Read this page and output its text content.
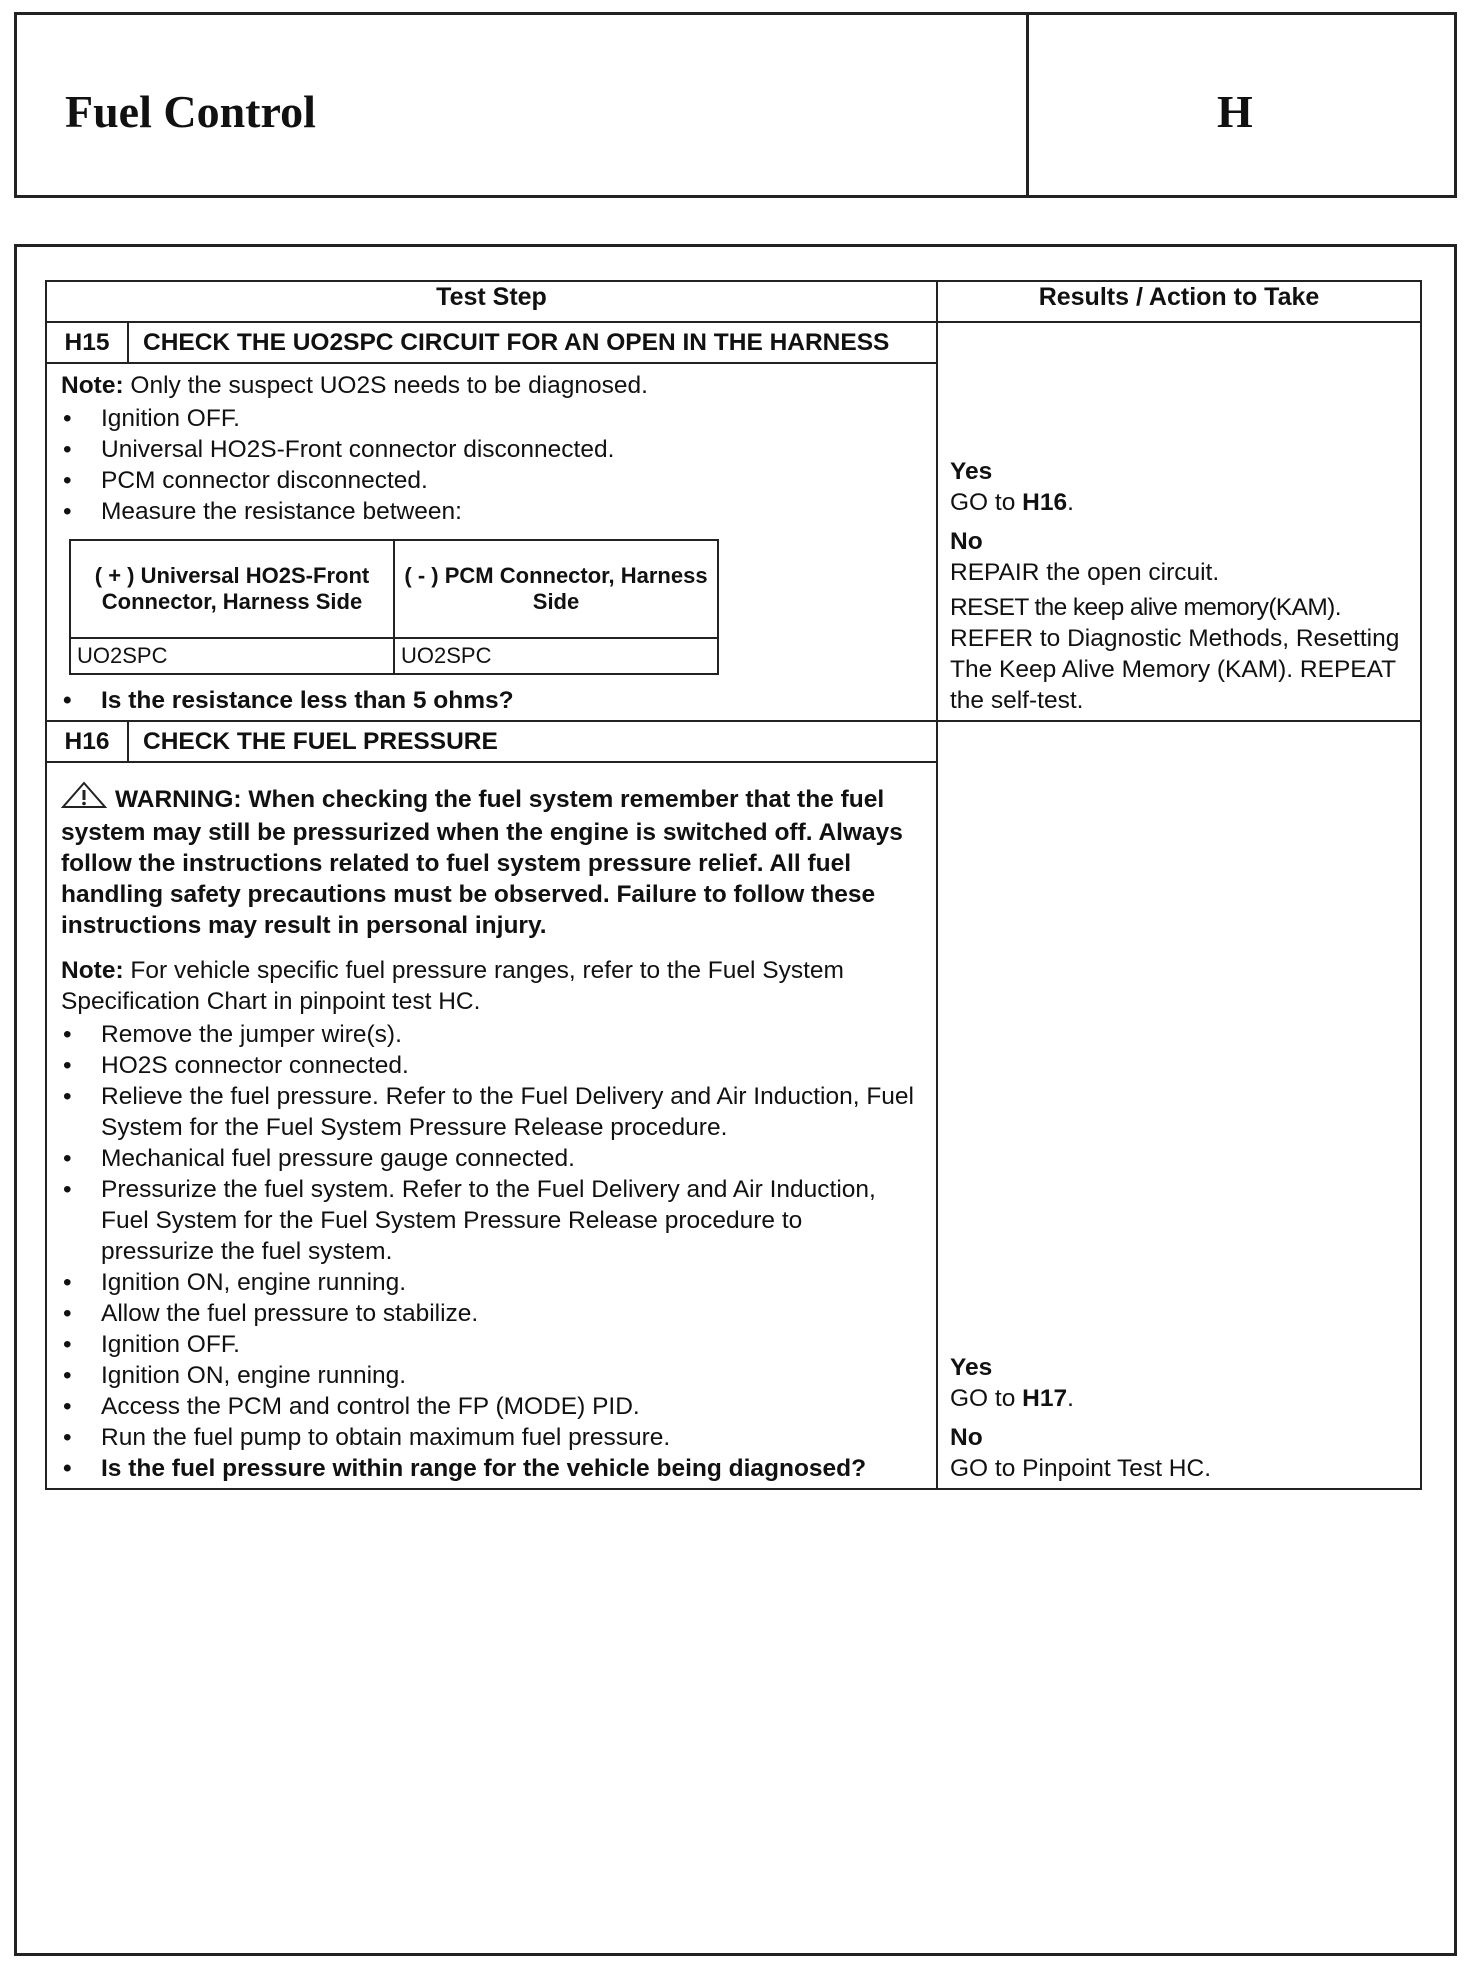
Fuel Control	H
Test Step	Results / Action to Take
H15	CHECK THE UO2SPC CIRCUIT FOR AN OPEN IN THE HARNESS	

Yes

GO to H16.

No

REPAIR the open circuit.

RESET the keep alive memory(KAM).

REFER to Diagnostic Methods, Resetting The Keep Alive Memory (KAM). REPEAT the self-test.

Note: Only the suspect UO2S needs to be diagnosed.
• Ignition OFF.
• Universal HO2S-Front connector disconnected.
• PCM connector disconnected.
• Measure the resistance between:
( + ) Universal HO2S-Front Connector, Harness Side	( - ) PCM Connector, Harness Side
UO2SPC	UO2SPC
• Is the resistance less than 5 ohms?

H16	CHECK THE FUEL PRESSURE	

Yes

GO to H17.

No

GO to Pinpoint Test HC.

WARNING: When checking the fuel system remember that the fuel system may still be pressurized when the engine is switched off. Always follow the instructions related to fuel system pressure relief. All fuel handling safety precautions must be observed. Failure to follow these instructions may result in personal injury.
Note: For vehicle specific fuel pressure ranges, refer to the Fuel System Specification Chart in pinpoint test HC.
• Remove the jumper wire(s).
• HO2S connector connected.
• Relieve the fuel pressure. Refer to the Fuel Delivery and Air Induction, Fuel System for the Fuel System Pressure Release procedure.
• Mechanical fuel pressure gauge connected.
• Pressurize the fuel system. Refer to the Fuel Delivery and Air Induction, Fuel System for the Fuel System Pressure Release procedure to pressurize the fuel system.
• Ignition ON, engine running.
• Allow the fuel pressure to stabilize.
• Ignition OFF.
• Ignition ON, engine running.
• Access the PCM and control the FP (MODE) PID.
• Run the fuel pump to obtain maximum fuel pressure.
• Is the fuel pressure within range for the vehicle being diagnosed?
